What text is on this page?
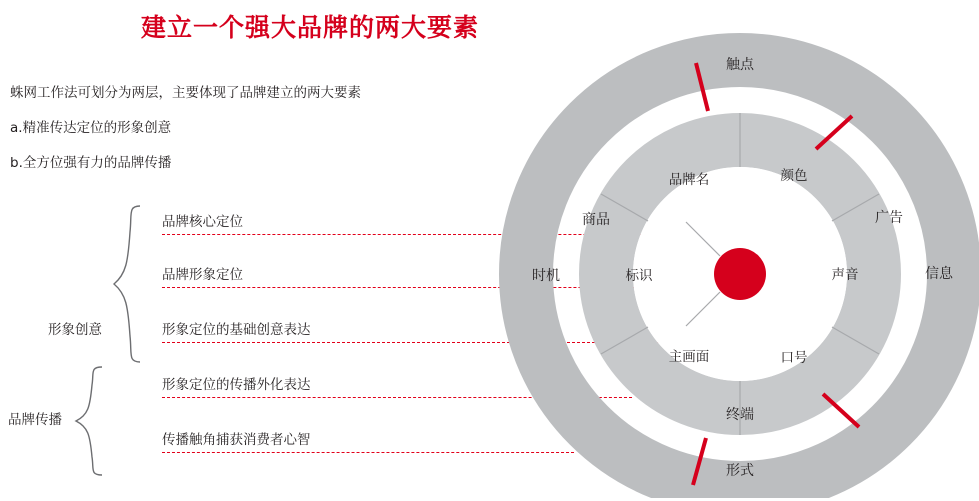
建立一个强大品牌的两大要素
蛛网工作法可划分为两层，主要体现了品牌建立的两大要素
a.精准传达定位的形象创意
b.全方位强有力的品牌传播
形象创意
品牌传播
品牌核心定位
品牌形象定位
形象定位的基础创意表达
形象定位的传播外化表达
传播触角捕获消费者心智
触点
广告
信息
终端
形式
商品
时机
品牌名	颜色
声音
口号
主画面
标识
